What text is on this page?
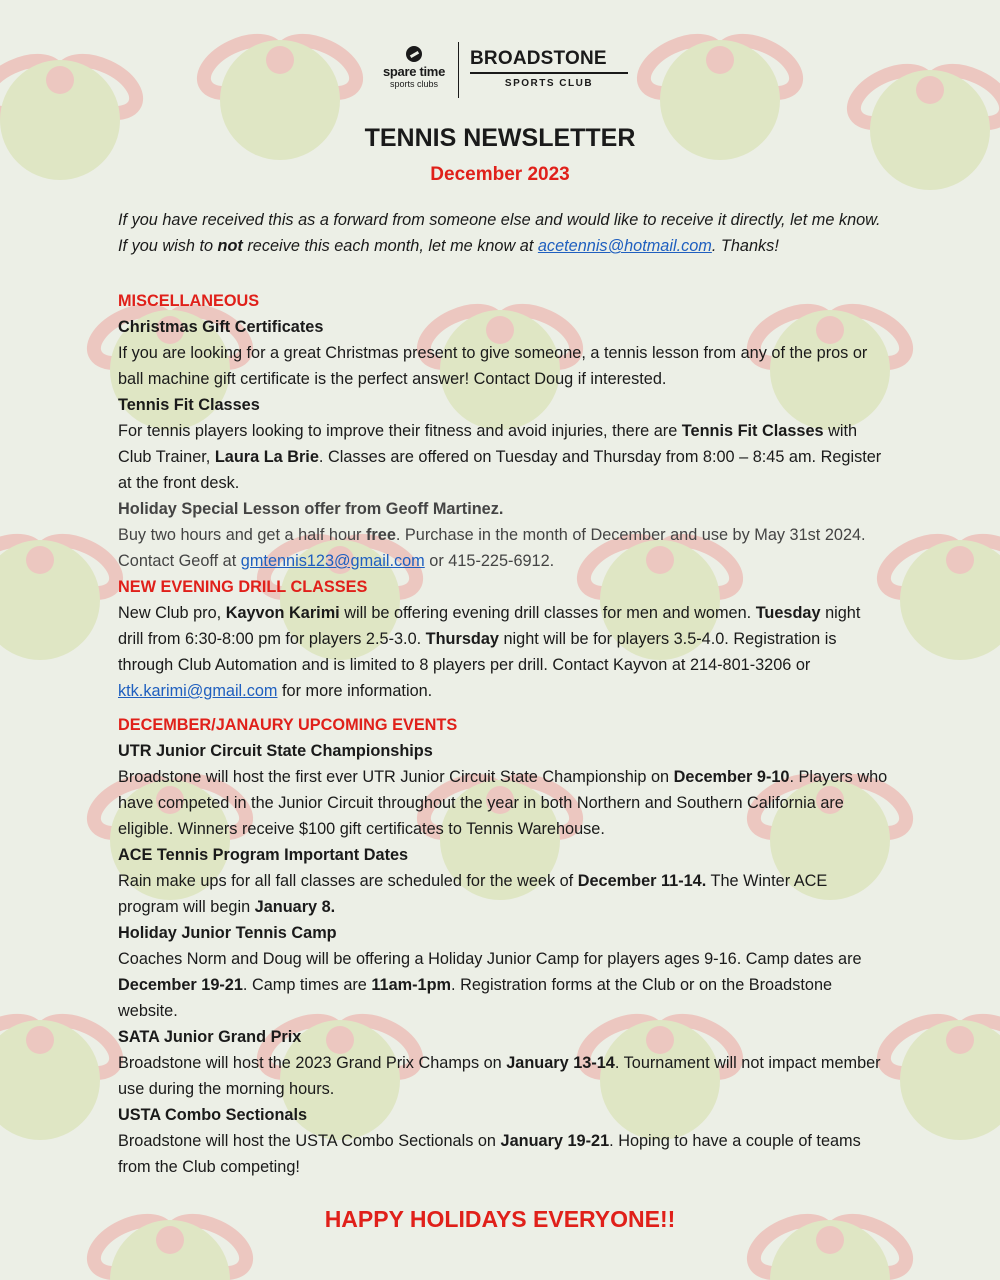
spare time
sports clubs
BROADSTONE
SPORTS CLUB
TENNIS NEWSLETTER
December 2023
If you have received this as a forward from someone else and would like to receive it directly, let me know. If you wish to not receive this each month, let me know at acetennis@hotmail.com. Thanks!

MISCELLANEOUS

Christmas Gift Certificates

If you are looking for a great Christmas present to give someone, a tennis lesson from any of the pros or ball machine gift certificate is the perfect answer! Contact Doug if interested.

Tennis Fit Classes

For tennis players looking to improve their fitness and avoid injuries, there are Tennis Fit Classes with Club Trainer, Laura La Brie. Classes are offered on Tuesday and Thursday from 8:00 – 8:45 am. Register at the front desk.

Holiday Special Lesson offer from Geoff Martinez.

Buy two hours and get a half hour free. Purchase in the month of December and use by May 31st 2024. Contact Geoff at gmtennis123@gmail.com or 415-225-6912.

NEW EVENING DRILL CLASSES

New Club pro, Kayvon Karimi will be offering evening drill classes for men and women. Tuesday night drill from 6:30-8:00 pm for players 2.5-3.0. Thursday night will be for players 3.5-4.0. Registration is through Club Automation and is limited to 8 players per drill. Contact Kayvon at 214-801-3206 or ktk.karimi@gmail.com for more information.

DECEMBER/JANAURY UPCOMING EVENTS

UTR Junior Circuit State Championships

Broadstone will host the first ever UTR Junior Circuit State Championship on December 9-10. Players who have competed in the Junior Circuit throughout the year in both Northern and Southern California are eligible. Winners receive $100 gift certificates to Tennis Warehouse.

ACE Tennis Program Important Dates

Rain make ups for all fall classes are scheduled for the week of December 11-14. The Winter ACE program will begin January 8.

Holiday Junior Tennis Camp

Coaches Norm and Doug will be offering a Holiday Junior Camp for players ages 9-16. Camp dates are December 19-21. Camp times are 11am-1pm. Registration forms at the Club or on the Broadstone website.

SATA Junior Grand Prix

Broadstone will host the 2023 Grand Prix Champs on January 13-14. Tournament will not impact member use during the morning hours.

USTA Combo Sectionals

Broadstone will host the USTA Combo Sectionals on January 19-21. Hoping to have a couple of teams from the Club competing!

HAPPY HOLIDAYS EVERYONE!!
